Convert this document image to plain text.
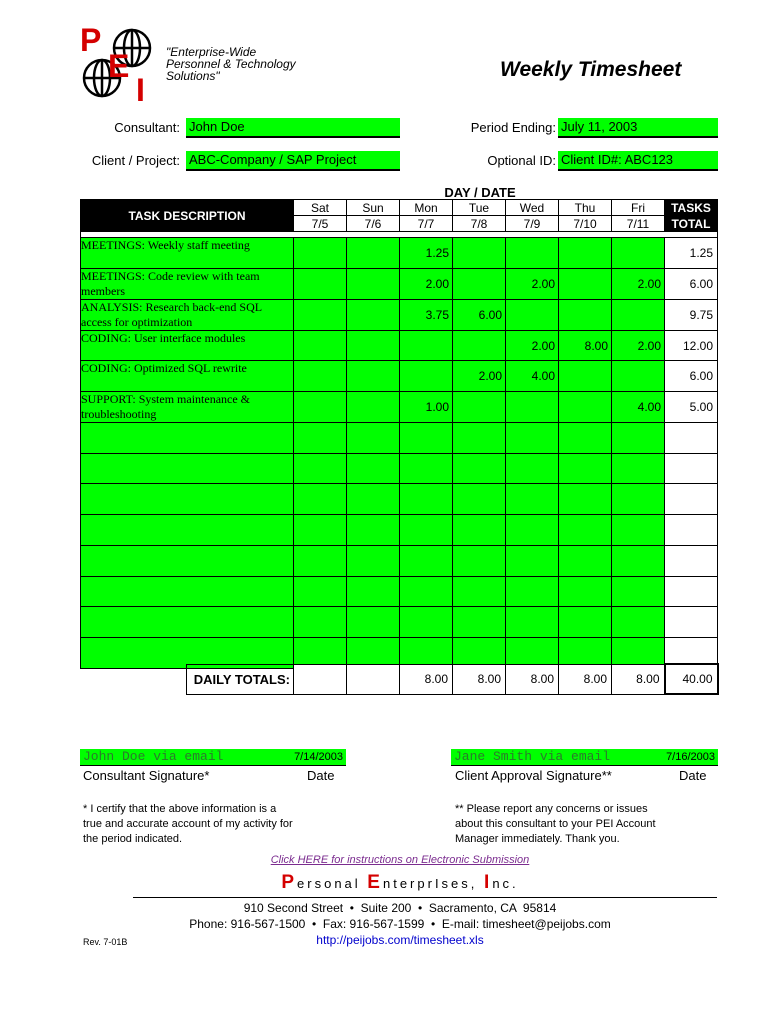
P
E
I
"Enterprise-Wide
Personnel & Technology
Solutions"	Weekly Timesheet
Consultant: John Doe
Client / Project: ABC-Company / SAP Project
Period Ending: July 11, 2003
Optional ID: Client ID#: ABC123
DAY / DATE
TASK DESCRIPTION	Sat	Sun	Mon	Tue	Wed	Thu	Fri	TASKS
	7/5	7/6	7/7	7/8	7/9	7/10	7/11	TOTAL

MEETINGS: Weekly staff meeting			1.25					1.25
MEETINGS: Code review with team members			2.00		2.00		2.00	6.00
ANALYSIS: Research back-end SQL access for optimization			3.75	6.00				9.75
CODING: User interface modules					2.00	8.00	2.00	12.00
CODING: Optimized SQL rewrite				2.00	4.00			6.00
SUPPORT: System maintenance & troubleshooting			1.00				4.00	5.00

DAILY TOTALS:			8.00	8.00	8.00	8.00	8.00	40.00
John Doe via email	7/14/2003
Consultant Signature*	Date
Jane Smith via email	7/16/2003
Client Approval Signature**	Date
* I certify that the above information is a true and accurate account of my activity for the period indicated.
** Please report any concerns or issues about this consultant to your PEI Account Manager immediately. Thank you.
Click HERE for instructions on Electronic Submission
Personal EnterprIses, Inc.
910 Second Street  •  Suite 200  •  Sacramento, CA  95814
Phone: 916-567-1500  •  Fax: 916-567-1599  •  E-mail: timesheet@peijobs.com
http://peijobs.com/timesheet.xls
Rev. 7-01B
